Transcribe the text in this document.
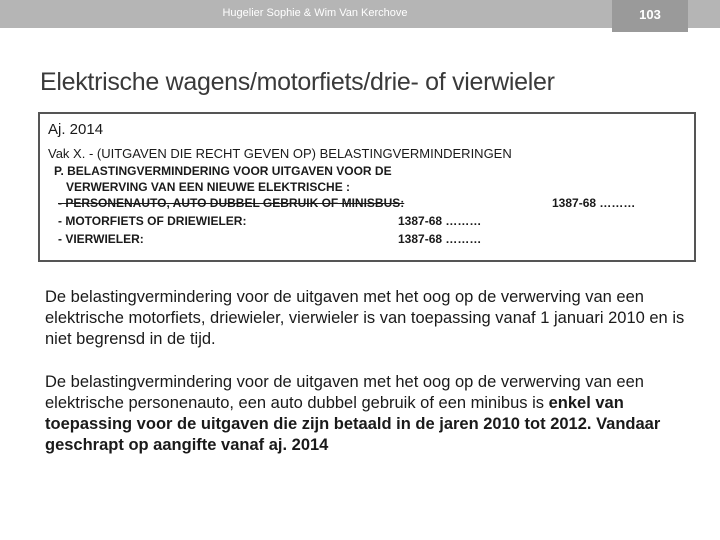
Hugelier Sophie & Wim Van Kerchove	103
Elektrische wagens/motorfiets/drie- of vierwieler
Aj. 2014
Vak X. - (UITGAVEN DIE RECHT GEVEN OP) BELASTINGVERMINDERINGEN
P. BELASTINGVERMINDERING VOOR UITGAVEN VOOR DE
VERWERVING VAN EEN NIEUWE ELEKTRISCHE :
- PERSONENAUTO, AUTO DUBBEL GEBRUIK OF MINISBUS:	1387-68 ………
- MOTORFIETS OF DRIEWIELER:	1387-68 ………
- VIERWIELER:	1387-68 ………
De belastingvermindering voor de uitgaven met het oog op de verwerving van een elektrische motorfiets, driewieler, vierwieler is van toepassing vanaf 1 januari 2010 en is niet begrensd in de tijd.
De belastingvermindering voor de uitgaven met het oog op de verwerving van een elektrische personenauto, een auto dubbel gebruik of een minibus is enkel van toepassing voor de uitgaven die zijn betaald in de jaren 2010 tot 2012. Vandaar geschrapt op aangifte vanaf aj. 2014
